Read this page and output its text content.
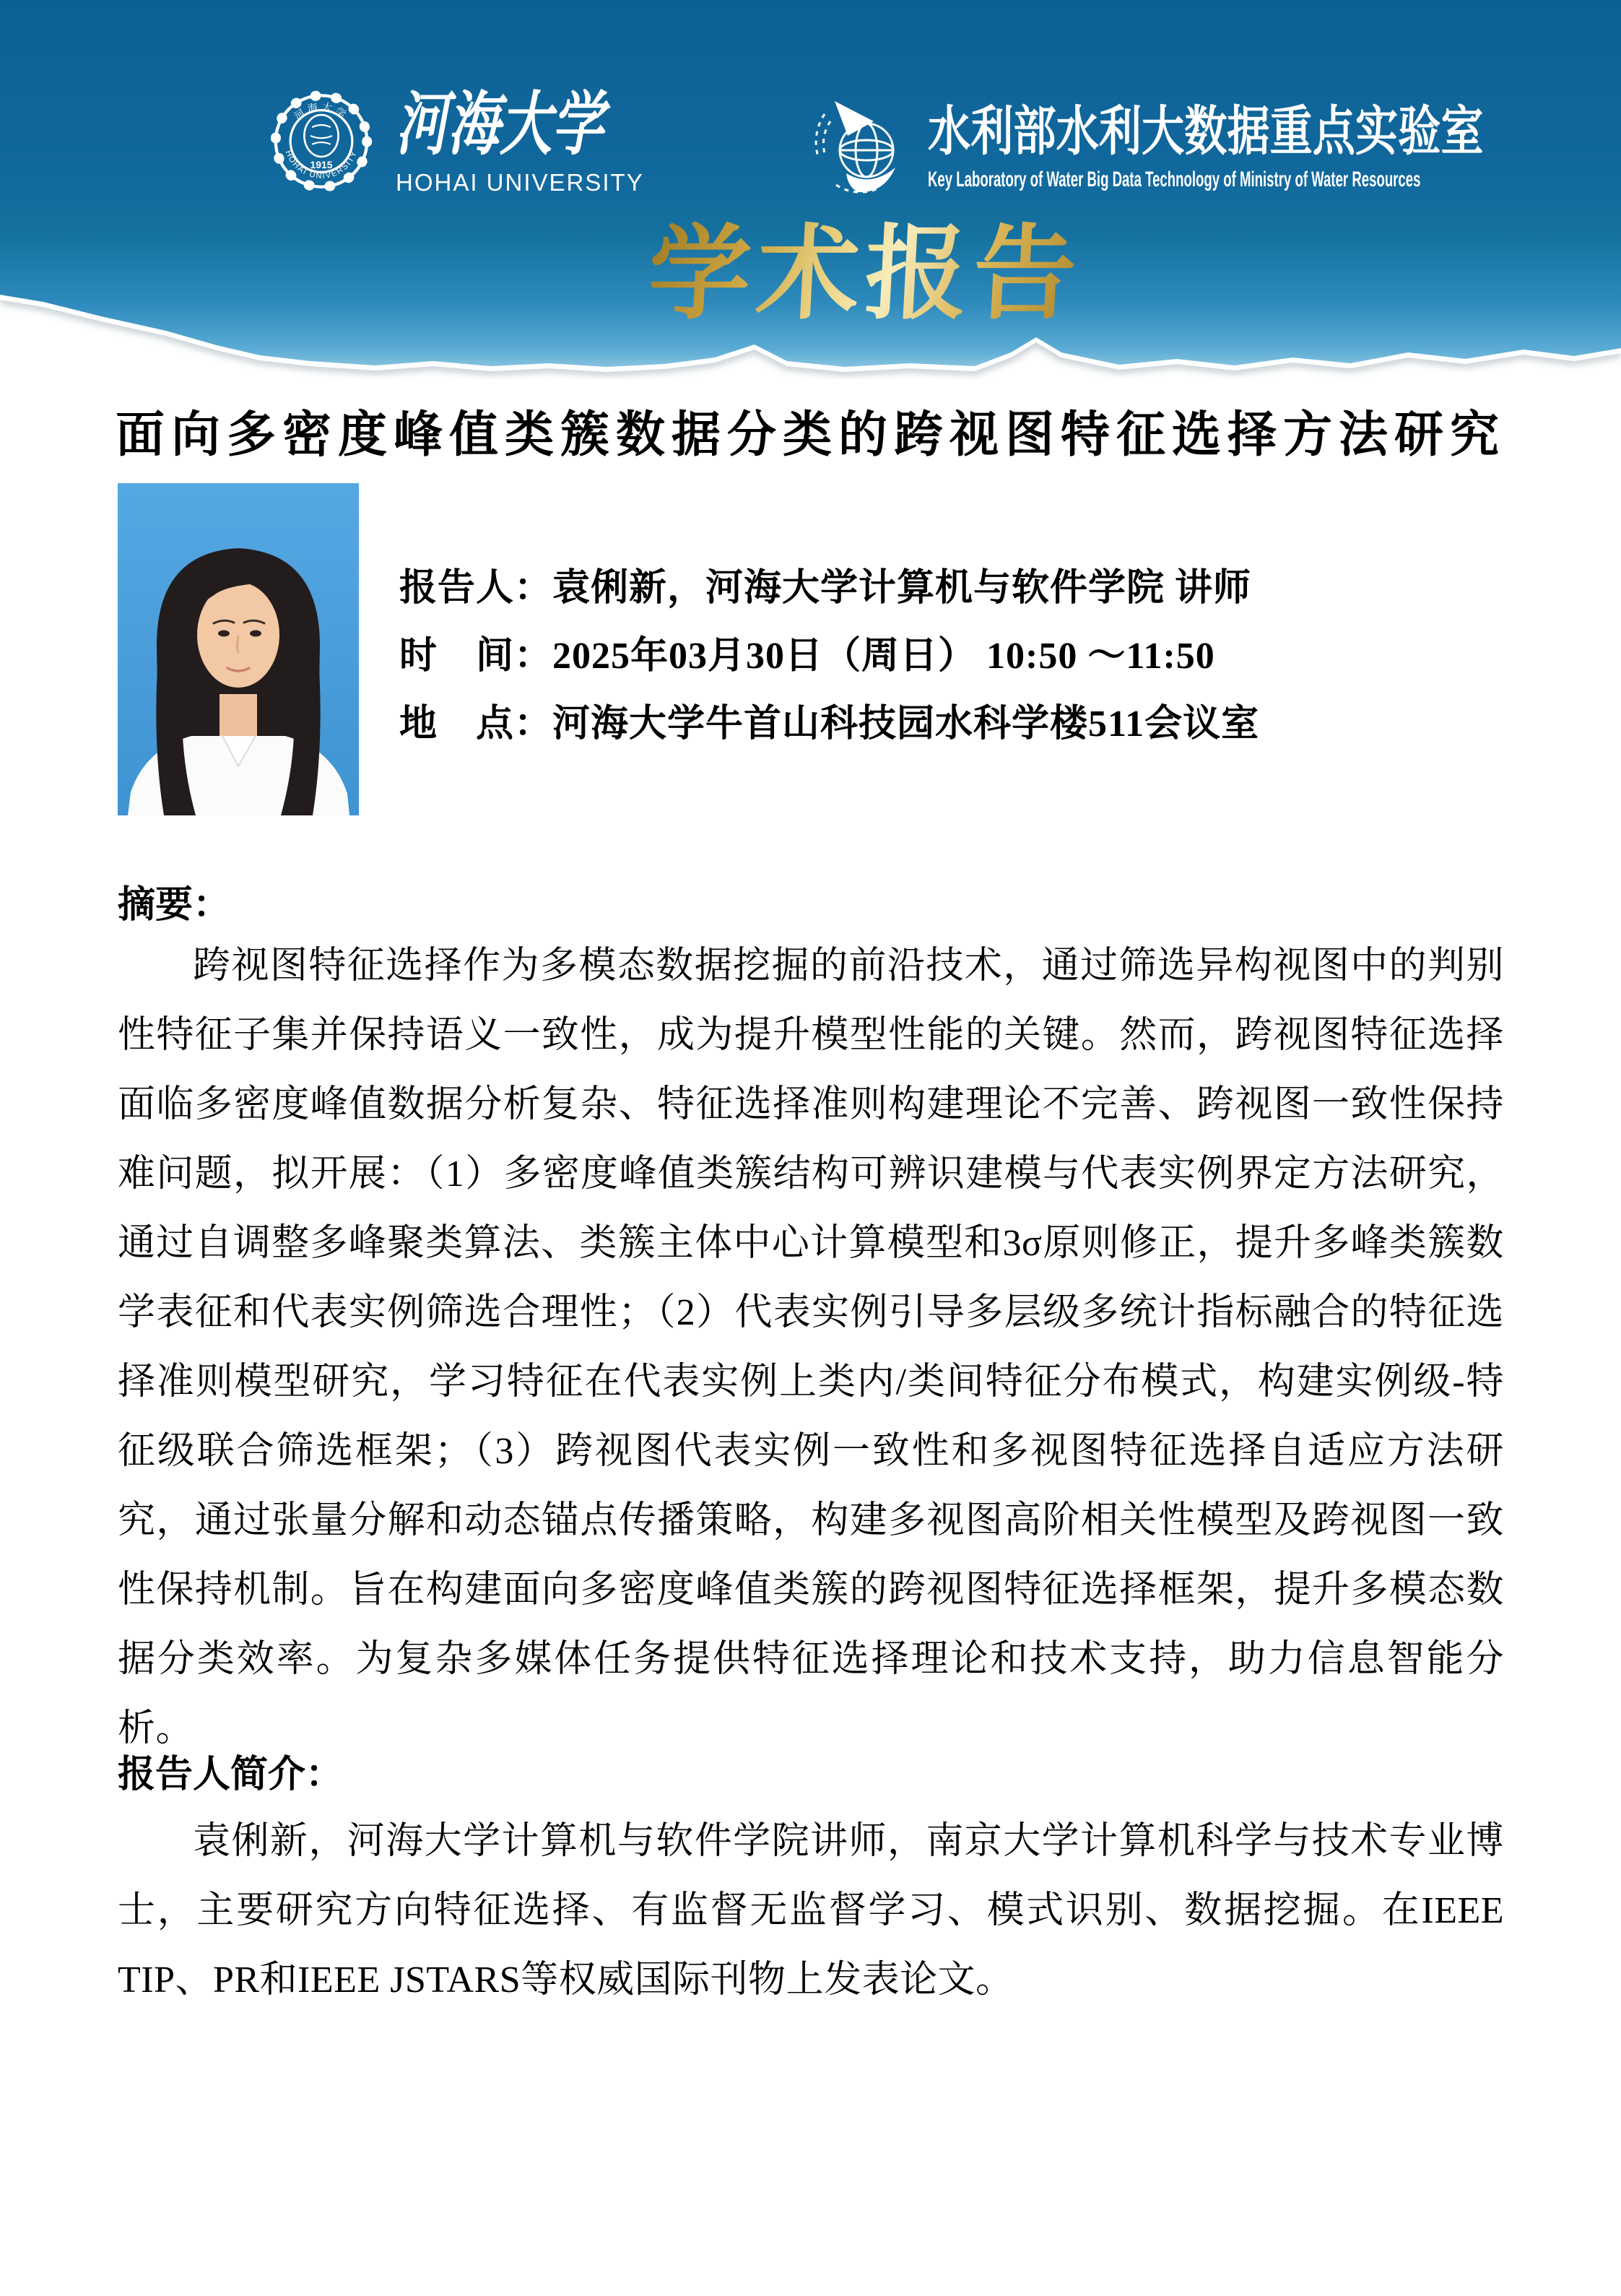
1915
HOHAI UNIVERSITY
河海大学 河海大学
HOHAI UNIVERSITY
水利部水利大数据重点实验室
Key Laboratory of Water Big Data Technology of Ministry of Water Resources
学术报告
面向多密度峰值类簇数据分类的跨视图特征选择方法研究

报告人：袁俐新，河海大学计算机与软件学院 讲师

时　间：2025年03月30日（周日） 10:50 ～11:50

地　点：河海大学牛首山科技园水科学楼511会议室

摘要：

跨视图特征选择作为多模态数据挖掘的前沿技术，通过筛选异构视图中的判别性特征子集并保持语义一致性，成为提升模型性能的关键。然而，跨视图特征选择面临多密度峰值数据分析复杂、特征选择准则构建理论不完善、跨视图一致性保持难问题，拟开展：（1）多密度峰值类簇结构可辨识建模与代表实例界定方法研究，通过自调整多峰聚类算法、类簇主体中心计算模型和3σ原则修正，提升多峰类簇数学表征和代表实例筛选合理性；（2）代表实例引导多层级多统计指标融合的特征选择准则模型研究，学习特征在代表实例上类内/类间特征分布模式，构建实例级-特征级联合筛选框架；（3）跨视图代表实例一致性和多视图特征选择自适应方法研究，通过张量分解和动态锚点传播策略，构建多视图高阶相关性模型及跨视图一致性保持机制。旨在构建面向多密度峰值类簇的跨视图特征选择框架，提升多模态数据分类效率。为复杂多媒体任务提供特征选择理论和技术支持，助力信息智能分析。

报告人简介：

袁俐新，河海大学计算机与软件学院讲师，南京大学计算机科学与技术专业博士，主要研究方向特征选择、有监督无监督学习、模式识别、数据挖掘。在IEEE TIP、PR和IEEE JSTARS等权威国际刊物上发表论文。
